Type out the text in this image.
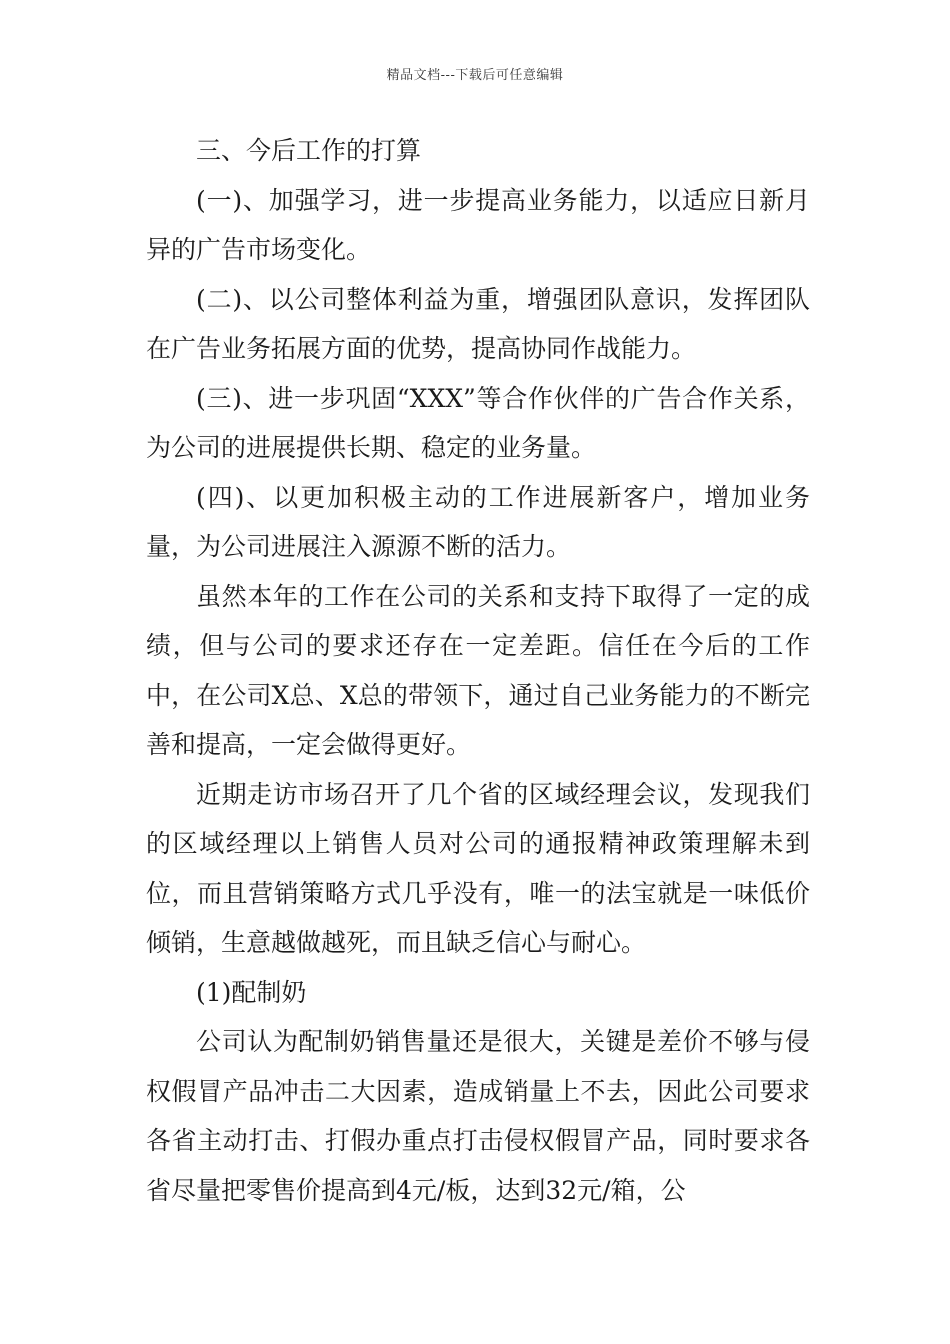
精品文档---下载后可任意编辑

三、今后工作的打算

(一)、加强学习，进一步提高业务能力，以适应日新月异的广告市场变化。

(二)、以公司整体利益为重，增强团队意识，发挥团队在广告业务拓展方面的优势，提高协同作战能力。

(三)、进一步巩固“XXX”等合作伙伴的广告合作关系，为公司的进展提供长期、稳定的业务量。

(四)、以更加积极主动的工作进展新客户，增加业务量，为公司进展注入源源不断的活力。

虽然本年的工作在公司的关系和支持下取得了一定的成绩，但与公司的要求还存在一定差距。信任在今后的工作中，在公司X总、X总的带领下，通过自己业务能力的不断完善和提高，一定会做得更好。

近期走访市场召开了几个省的区域经理会议，发现我们的区域经理以上销售人员对公司的通报精神政策理解未到位，而且营销策略方式几乎没有，唯一的法宝就是一味低价倾销，生意越做越死，而且缺乏信心与耐心。

(1)配制奶

公司认为配制奶销售量还是很大，关键是差价不够与侵权假冒产品冲击二大因素，造成销量上不去，因此公司要求各省主动打击、打假办重点打击侵权假冒产品，同时要求各省尽量把零售价提高到4元/板，达到32元/箱，公
